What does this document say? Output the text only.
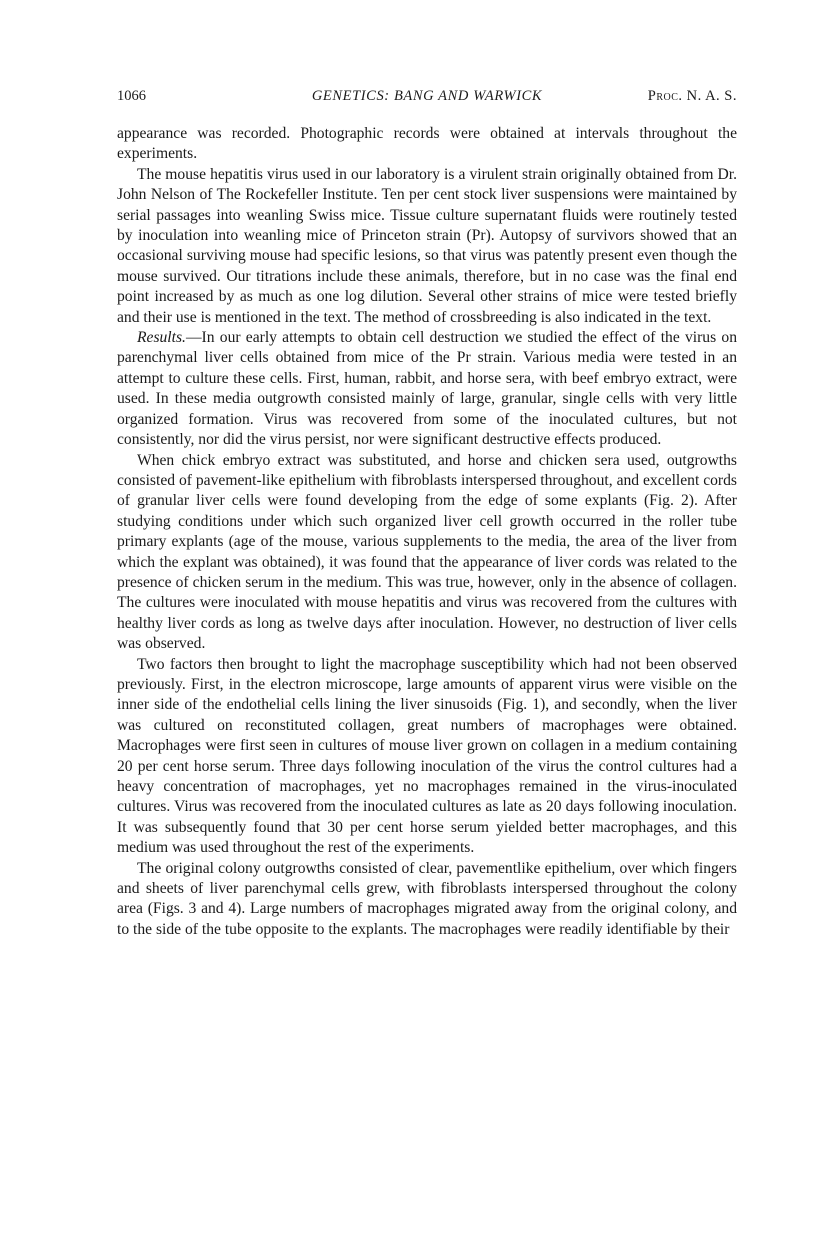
1066	GENETICS: BANG AND WARWICK	Proc. N. A. S.

appearance was recorded. Photographic records were obtained at intervals throughout the experiments.

The mouse hepatitis virus used in our laboratory is a virulent strain originally obtained from Dr. John Nelson of The Rockefeller Institute. Ten per cent stock liver suspensions were maintained by serial passages into weanling Swiss mice. Tissue culture supernatant fluids were routinely tested by inoculation into weanling mice of Princeton strain (Pr). Autopsy of survivors showed that an occasional surviving mouse had specific lesions, so that virus was patently present even though the mouse survived. Our titrations include these animals, therefore, but in no case was the final end point increased by as much as one log dilution. Several other strains of mice were tested briefly and their use is mentioned in the text. The method of crossbreeding is also indicated in the text.

Results.—In our early attempts to obtain cell destruction we studied the effect of the virus on parenchymal liver cells obtained from mice of the Pr strain. Various media were tested in an attempt to culture these cells. First, human, rabbit, and horse sera, with beef embryo extract, were used. In these media outgrowth consisted mainly of large, granular, single cells with very little organized formation. Virus was recovered from some of the inoculated cultures, but not consistently, nor did the virus persist, nor were significant destructive effects produced.

When chick embryo extract was substituted, and horse and chicken sera used, outgrowths consisted of pavement-like epithelium with fibroblasts interspersed throughout, and excellent cords of granular liver cells were found developing from the edge of some explants (Fig. 2). After studying conditions under which such organized liver cell growth occurred in the roller tube primary explants (age of the mouse, various supplements to the media, the area of the liver from which the explant was obtained), it was found that the appearance of liver cords was related to the presence of chicken serum in the medium. This was true, however, only in the absence of collagen. The cultures were inoculated with mouse hepatitis and virus was recovered from the cultures with healthy liver cords as long as twelve days after inoculation. However, no destruction of liver cells was observed.

Two factors then brought to light the macrophage susceptibility which had not been observed previously. First, in the electron microscope, large amounts of apparent virus were visible on the inner side of the endothelial cells lining the liver sinusoids (Fig. 1), and secondly, when the liver was cultured on reconstituted collagen, great numbers of macrophages were obtained. Macrophages were first seen in cultures of mouse liver grown on collagen in a medium containing 20 per cent horse serum. Three days following inoculation of the virus the control cultures had a heavy concentration of macrophages, yet no macrophages remained in the virus-inoculated cultures. Virus was recovered from the inoculated cultures as late as 20 days following inoculation. It was subsequently found that 30 per cent horse serum yielded better macrophages, and this medium was used throughout the rest of the experiments.

The original colony outgrowths consisted of clear, pavementlike epithelium, over which fingers and sheets of liver parenchymal cells grew, with fibroblasts interspersed throughout the colony area (Figs. 3 and 4). Large numbers of macrophages migrated away from the original colony, and to the side of the tube opposite to the explants. The macrophages were readily identifiable by their
